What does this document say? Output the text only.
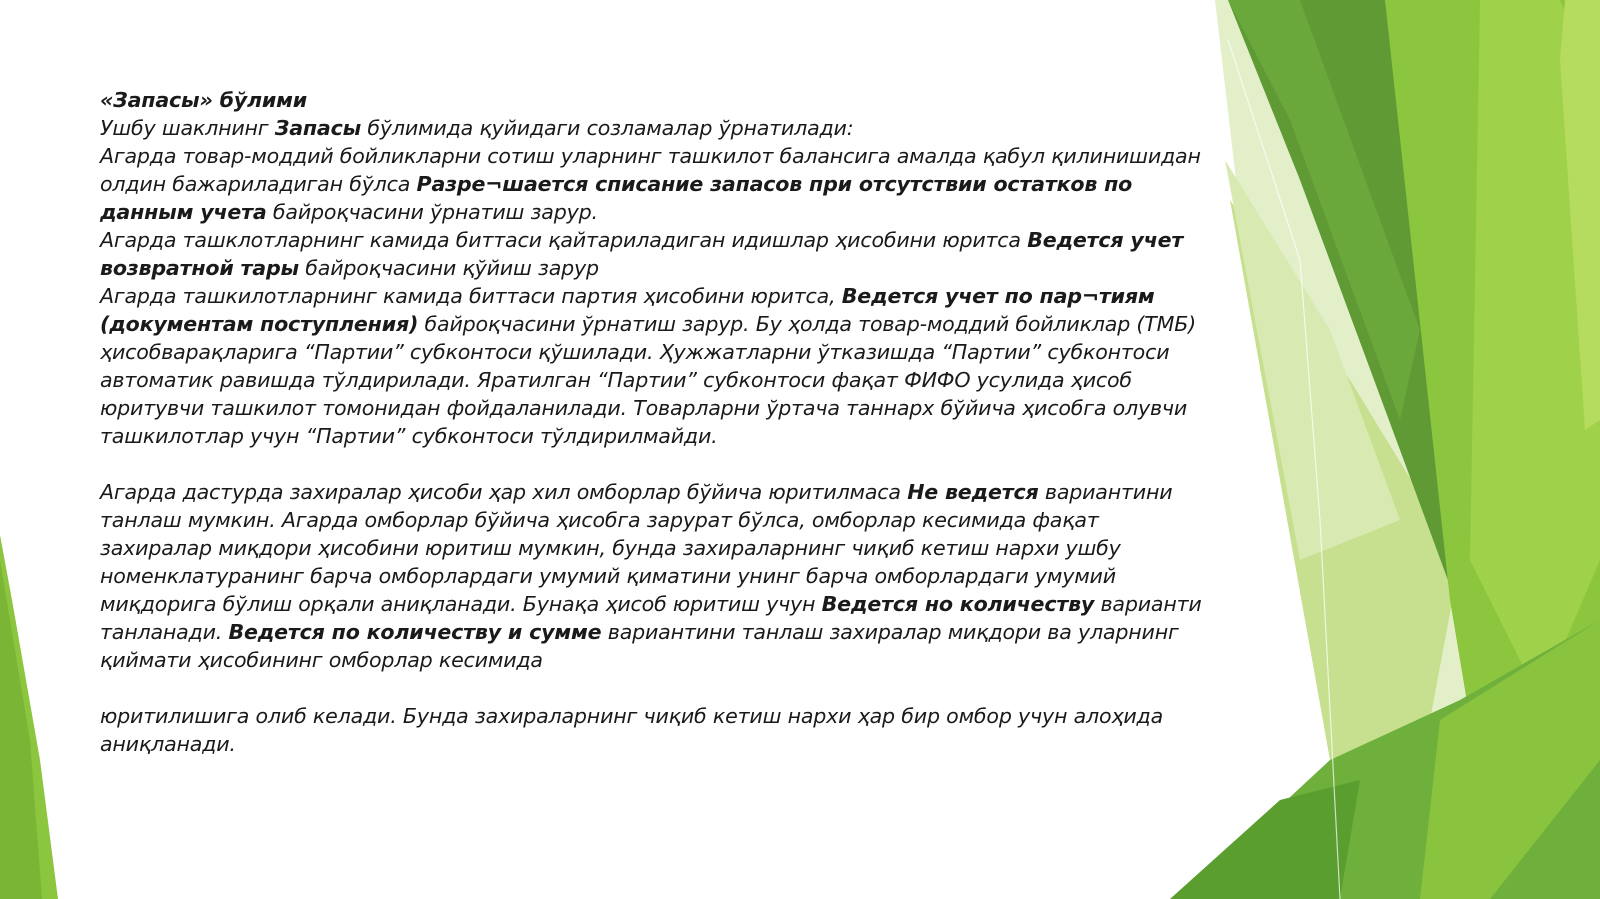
«Запасы» бўлими

Ушбу шаклнинг Запасы бўлимида қуйидаги созламалар ўрнатилади:

Агарда товар-моддий бойликларни сотиш уларнинг ташкилот балансига амалда қабул қилинишидан олдин бажариладиган бўлса Разре¬шается списание запасов при отсутствии остатков по данным учета байроқчасини ўрнатиш зарур.

Агарда ташклотларнинг камида биттаси қайтариладиган идишлар ҳисобини юритса Ведется учет возвратной тары байроқчасини қўйиш зарур

Агарда ташкилотларнинг камида биттаси партия ҳисобини юритса, Ведется учет по пар¬тиям (документам поступления) байроқчасини ўрнатиш зарур. Бу ҳолда товар-моддий бойликлар (ТМБ) ҳисобварақларига “Партии” субконтоси қўшилади. Ҳужжатларни ўтказишда “Партии” субконтоси автоматик равишда тўлдирилади. Яратилган “Партии” субконтоси фақат ФИФО усулида ҳисоб юритувчи ташкилот томонидан фойдаланилади. Товарларни ўртача таннарх бўйича ҳисобга олувчи ташкилотлар учун “Партии” субконтоси тўлдирилмайди.

Агарда дастурда захиралар ҳисоби ҳар хил омборлар бўйича юритилмаса Не ведется вариантини танлаш мумкин. Агарда омборлар бўйича ҳисобга зарурат бўлса, омборлар кесимида фақат захиралар миқдори ҳисобини юритиш мумкин, бунда захираларнинг чиқиб кетиш нархи ушбу номенклатуранинг барча омборлардаги умумий қиматини унинг барча омборлардаги умумий миқдорига бўлиш орқали аниқланади. Бунақа ҳисоб юритиш учун Ведется но количеству варианти танланади. Ведется по количеству и сумме вариантини танлаш захиралар миқдори ва уларнинг қиймати ҳисобининг омборлар кесимида

юритилишига олиб келади. Бунда захираларнинг чиқиб кетиш нархи ҳар бир омбор учун алоҳида аниқланади.
